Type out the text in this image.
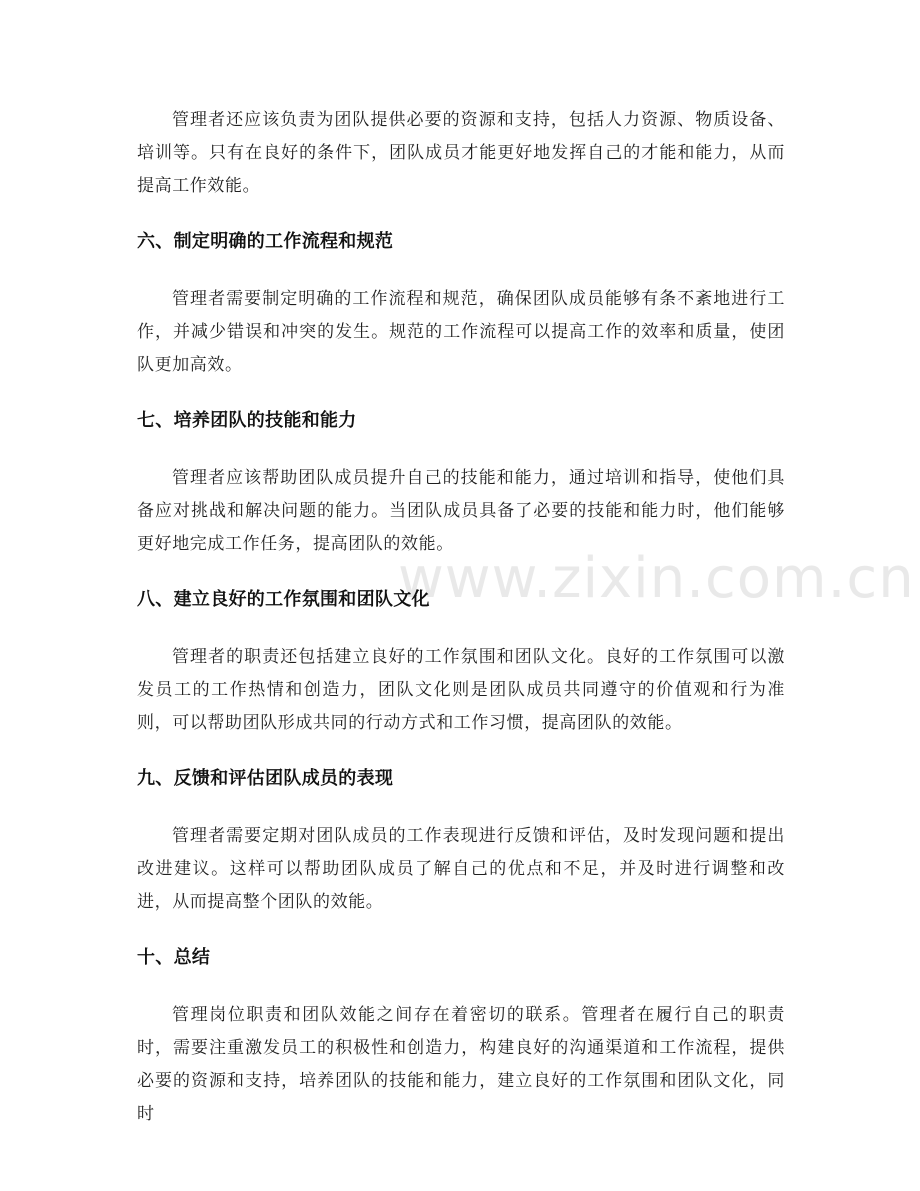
www.zixin.com.cn

管理者还应该负责为团队提供必要的资源和支持，包括人力资源、物质设备、培训等。只有在良好的条件下，团队成员才能更好地发挥自己的才能和能力，从而提高工作效能。

六、制定明确的工作流程和规范

管理者需要制定明确的工作流程和规范，确保团队成员能够有条不紊地进行工作，并减少错误和冲突的发生。规范的工作流程可以提高工作的效率和质量，使团队更加高效。

七、培养团队的技能和能力

管理者应该帮助团队成员提升自己的技能和能力，通过培训和指导，使他们具备应对挑战和解决问题的能力。当团队成员具备了必要的技能和能力时，他们能够更好地完成工作任务，提高团队的效能。

八、建立良好的工作氛围和团队文化

管理者的职责还包括建立良好的工作氛围和团队文化。良好的工作氛围可以激发员工的工作热情和创造力，团队文化则是团队成员共同遵守的价值观和行为准则，可以帮助团队形成共同的行动方式和工作习惯，提高团队的效能。

九、反馈和评估团队成员的表现

管理者需要定期对团队成员的工作表现进行反馈和评估，及时发现问题和提出改进建议。这样可以帮助团队成员了解自己的优点和不足，并及时进行调整和改进，从而提高整个团队的效能。

十、总结

管理岗位职责和团队效能之间存在着密切的联系。管理者在履行自己的职责时，需要注重激发员工的积极性和创造力，构建良好的沟通渠道和工作流程，提供必要的资源和支持，培养团队的技能和能力，建立良好的工作氛围和团队文化，同时
